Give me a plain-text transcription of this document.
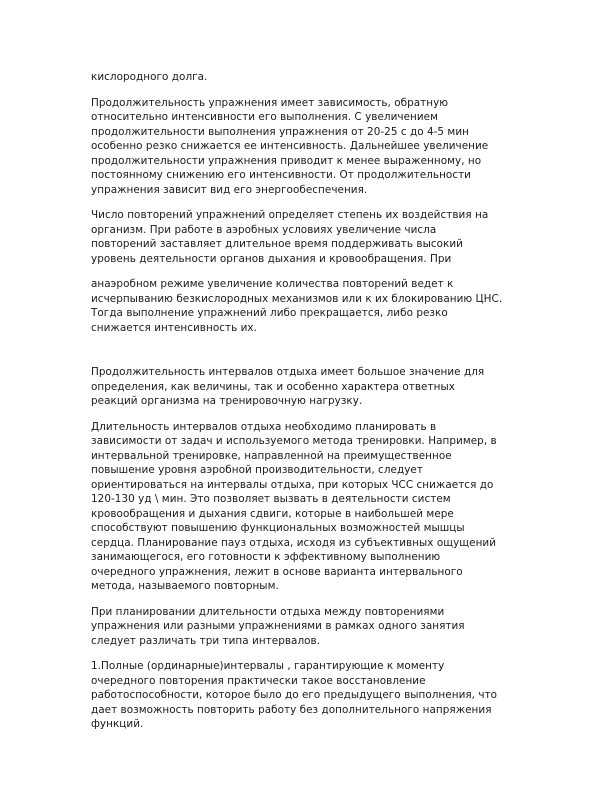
кислородного долга.

Продолжительность упражнения имеет зависимость, обратную
относительно интенсивности его выполнения. С увеличением
продолжительности выполнения упражнения от 20-25 с до 4-5 мин
особенно резко снижается ее интенсивность. Дальнейшее увеличение
продолжительности упражнения приводит к менее выраженному, но
постоянному снижению его интенсивности. От продолжительности
упражнения зависит вид его энергообеспечения.

Число повторений упражнений определяет степень их воздействия на
организм. При работе в аэробных условиях увеличение числа
повторений заставляет длительное время поддерживать высокий
уровень деятельности органов дыхания и кровообращения. При

анаэробном режиме увеличение количества повторений ведет к
исчерпыванию безкислородных механизмов или к их блокированию ЦНС.
Тогда выполнение упражнений либо прекращается, либо резко
снижается интенсивность их.

Продолжительность интервалов отдыха имеет большое значение для
определения, как величины, так и особенно характера ответных
реакций организма на тренировочную нагрузку.

Длительность интервалов отдыха необходимо планировать в
зависимости от задач и используемого метода тренировки. Например, в
интервальной тренировке, направленной на преимущественное
повышение уровня аэробной производительности, следует
ориентироваться на интервалы отдыха, при которых ЧСС снижается до
120-130 уд \ мин. Это позволяет вызвать в деятельности систем
кровообращения и дыхания сдвиги, которые в наибольшей мере
способствуют повышению функциональных возможностей мышцы
сердца. Планирование пауз отдыха, исходя из субъективных ощущений
занимающегося, его готовности к эффективному выполнению
очередного упражнения, лежит в основе варианта интервального
метода, называемого повторным.

При планировании длительности отдыха между повторениями
упражнения или разными упражнениями в рамках одного занятия
следует различать три типа интервалов.

1.Полные (ординарные)интервалы , гарантирующие к моменту
очередного повторения практически такое восстановление
работоспособности, которое было до его предыдущего выполнения, что
дает возможность повторить работу без дополнительного напряжения
функций.
